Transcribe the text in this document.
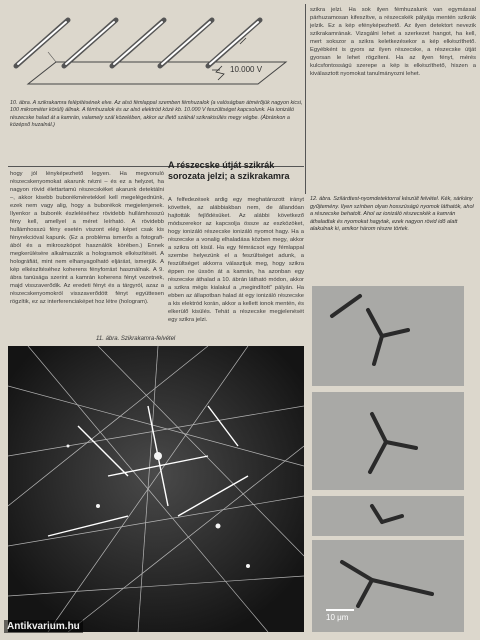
10.000 V
10. ábra. A szikrakamra felépítésének elve. Az alsó fémlappal szemben fémhuzalok (a valóságban átmérőjük nagyon kicsi, 100 mikrométer körüli) állnak. A fémhuzalok és az alsó elektród közé kb. 10.000 V feszültséget kapcsolunk. Ha ionizáló részecske halad át a kamrán, valamely szál közelében, akkor az illető szálnál szikrakisülés megy végbe. (Ábránkon a középső huzalnál.)
hogy jól lényképezhető legyen. Ha megvonuló részecskenyomokat akarunk nézni – és ez a helyzet, ha nagyon rövid élettartamú részecskéket akarunk detektálni –, akkor kisebb buborékméretekkel kell megelégednünk, ezek nem vagy alig, hogy a buborékok megjelenjenek. Ilyenkor a buborék észleléséhez rövidebb hullámhosszú fény kell, amellyel a méret leírható. A rövidebb hullámhosszú fény esetén viszont elég képet csak kis fényrekcióval kapunk. (Ez a probléma ismerős a fotografiából és a mikroszkópot használók körében.) Ennek megkerülésére alkalmazzák a hologramok elkészítését. A holográfiát, mint nem elhanyagolható eljárást, ismerjük. A kép elkészítéséhez koherens fényforrást használnak. A 9. ábra tanúsága szerint a kamrán koherens fényt vezetnek, majd visszaverődik. Az eredeti fényt és a tárgyról, azaz a részecskenyomokról visszaverődött fényt együttesen rögzítik, ez az interferenciaképet hoz létre (hologram).
A részecske útját szikrák sorozata jelzi; a szikrakamra
A felfedezések ardig egy meghatározott irányt követtek, az alábbiakban nem, de állandóan hajtották fejlődésüket. Az alábbi következő módszerekor az kapcsolja össze az eszközöket, hogy ionizáló részecske ionizáló nyomot hagy. Ha a részecske a vonalig elhaladása közben megy, akkor a szikra ott kisül. Ha egy fémrácsot egy fémlappal szembe helyezünk el a feszültséget adunk, a feszültséget akkorra választjuk meg, hogy szikra éppen ne üssön át a kamrán, ha azonban egy részecske áthalad a 10. ábrán látható módon, akkor a szikra mégis kialakul a „megindított” pályán. Ha ebben az állapotban halad át egy ionizáló részecske a kis elektród korán, akkor a kellett ionok mentén, és elkerülő kisülés. Tehát a részecske megjelenését egy szikra jelzi.
szikra jelzi. Ha sok ilyen fémhuzalunk van egymással párhuzamosan kifeszítve, a részecskék pályája mentén szikrák jelzik. Ez a kép efényképezhető. Az ilyen detektort nevezik szikrakamrának. Vizsgálni lehet a szerkezet hangot, ha kell, mert sokszor a szikra keletkezésekor a kép elkészíthető. Egyébként is gyors az ilyen részecske, a részecske útját gyorsan le lehet rögzíteni. Ha az ilyen fényt, mérés kulcsfontosságú szerepe a kép is elkészíthető, hiszen a kiválasztott nyomokat tanulmányozni lehet.
11. ábra. Szikrakamra-felvétel
12. ábra. Szilárdtest-nyomdetektorral készült felvétel. Kék, sárkány gyűjtemény. Ilyen színben olyan hosszúságú nyomok láthatók, ahol a részecske behatolt. Ahol az ionizáló részecskék a kamrán áthaladtak és nyomokat hagytak, ezek nagyon rövid idő alatt alakulnak ki, amikor három részre törtek.
10 μm
Antikvarium.hu
